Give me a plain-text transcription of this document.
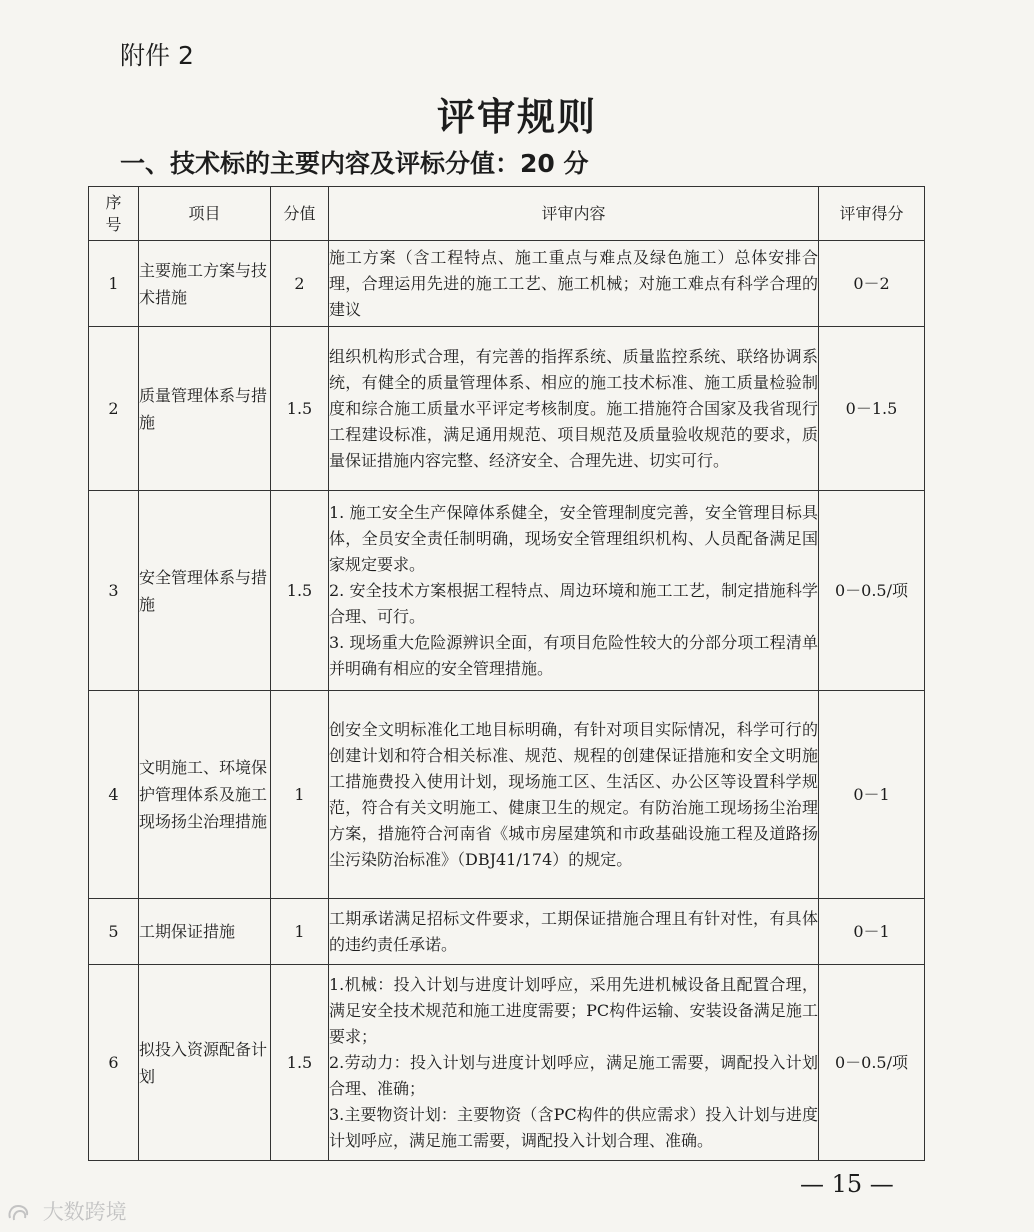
附件 2
评审规则
一、技术标的主要内容及评标分值：20 分
序号	项目	分值	评审内容	评审得分
1	主要施工方案与技术措施	2	施工方案（含工程特点、施工重点与难点及绿色施工）总体安排合理，合理运用先进的施工工艺、施工机械；对施工难点有科学合理的建议	0－2
2	质量管理体系与措施	1.5	组织机构形式合理，有完善的指挥系统、质量监控系统、联络协调系统，有健全的质量管理体系、相应的施工技术标准、施工质量检验制度和综合施工质量水平评定考核制度。施工措施符合国家及我省现行工程建设标准，满足通用规范、项目规范及质量验收规范的要求，质量保证措施内容完整、经济安全、合理先进、切实可行。	0－1.5
3	安全管理体系与措施	1.5	1. 施工安全生产保障体系健全，安全管理制度完善，安全管理目标具体，全员安全责任制明确，现场安全管理组织机构、人员配备满足国家规定要求。

2. 安全技术方案根据工程特点、周边环境和施工工艺，制定措施科学合理、可行。

3. 现场重大危险源辨识全面，有项目危险性较大的分部分项工程清单并明确有相应的安全管理措施。	0－0.5/项
4	文明施工、环境保护管理体系及施工现场扬尘治理措施	1	创安全文明标准化工地目标明确，有针对项目实际情况，科学可行的创建计划和符合相关标准、规范、规程的创建保证措施和安全文明施工措施费投入使用计划，现场施工区、生活区、办公区等设置科学规范，符合有关文明施工、健康卫生的规定。有防治施工现场扬尘治理方案，措施符合河南省《城市房屋建筑和市政基础设施工程及道路扬尘污染防治标准》（DBJ41/174）的规定。	0－1
5	工期保证措施	1	工期承诺满足招标文件要求，工期保证措施合理且有针对性，有具体的违约责任承诺。	0－1
6	拟投入资源配备计划	1.5	1.机械：投入计划与进度计划呼应，采用先进机械设备且配置合理，满足安全技术规范和施工进度需要；PC构件运输、安装设备满足施工要求；

2.劳动力：投入计划与进度计划呼应，满足施工需要，调配投入计划合理、准确；

3.主要物资计划：主要物资（含PC构件的供应需求）投入计划与进度计划呼应，满足施工需要，调配投入计划合理、准确。	0－0.5/项
— 15 —
大数跨境
